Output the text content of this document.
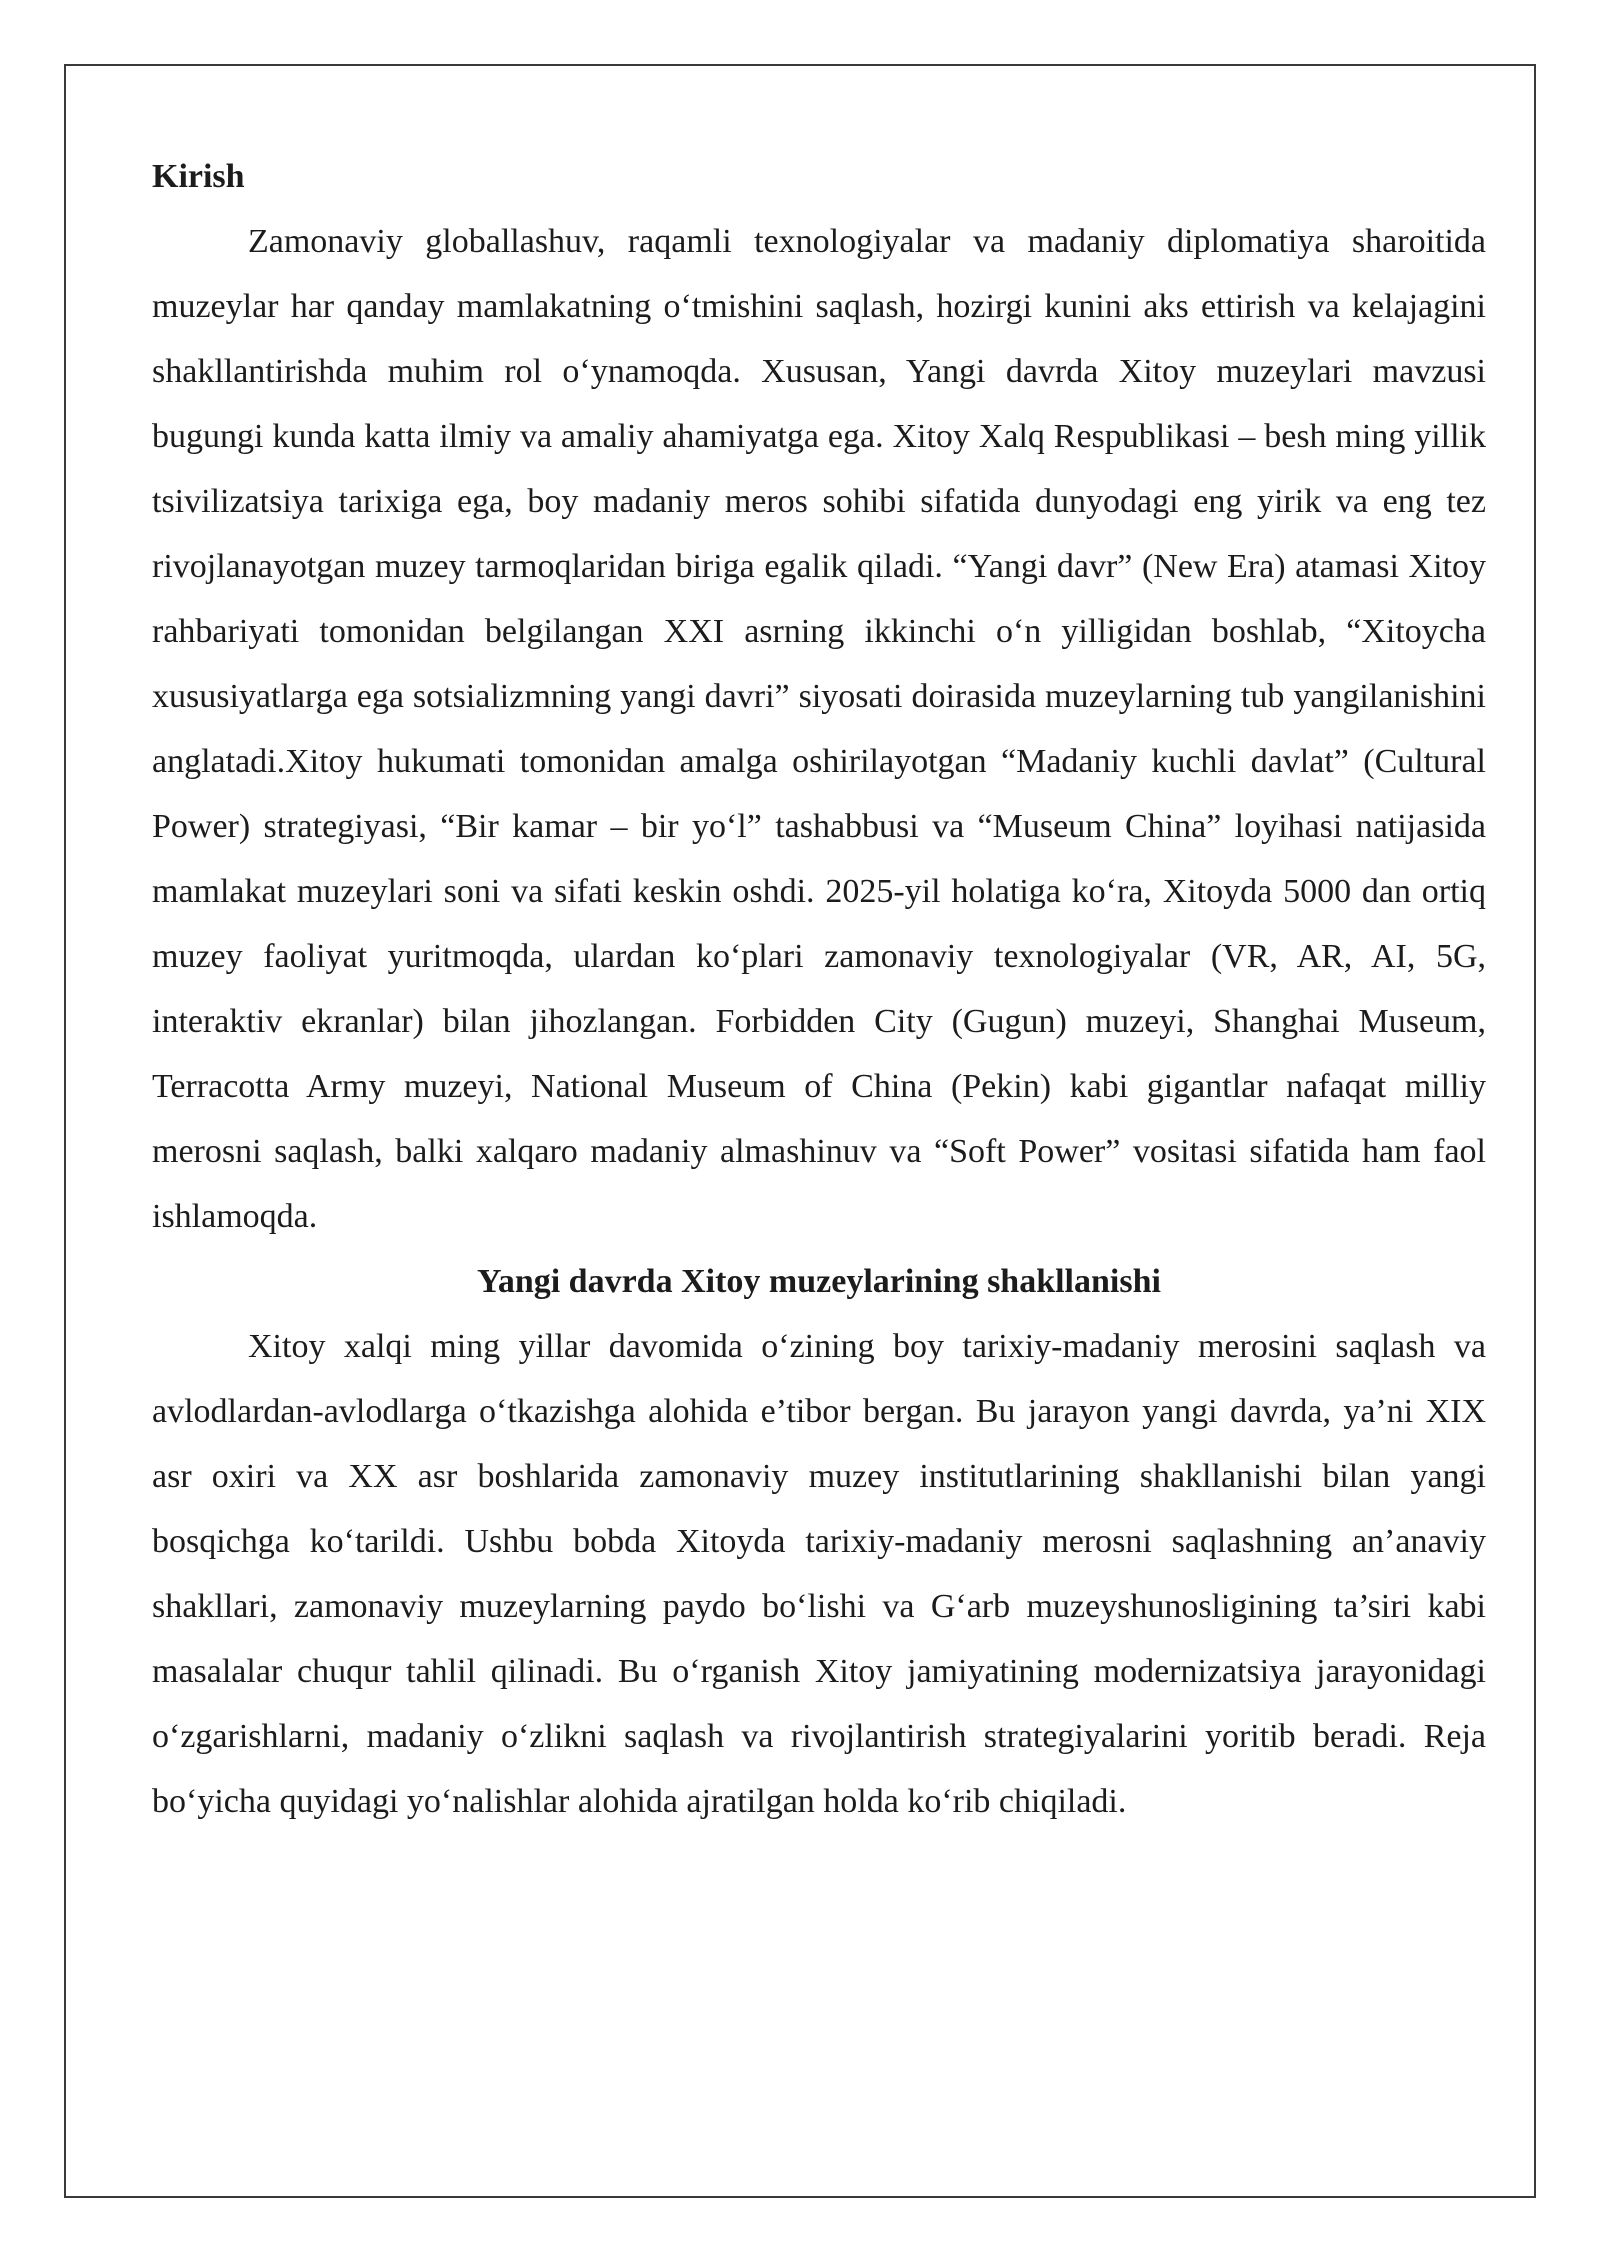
Kirish

Zamonaviy globallashuv, raqamli texnologiyalar va madaniy diplomatiya sharoitida muzeylar har qanday mamlakatning oʻtmishini saqlash, hozirgi kunini aks ettirish va kelajagini shakllantirishda muhim rol oʻynamoqda. Xususan, Yangi davrda Xitoy muzeylari mavzusi bugungi kunda katta ilmiy va amaliy ahamiyatga ega. Xitoy Xalq Respublikasi – besh ming yillik tsivilizatsiya tarixiga ega, boy madaniy meros sohibi sifatida dunyodagi eng yirik va eng tez rivojlanayotgan muzey tarmoqlaridan biriga egalik qiladi. “Yangi davr” (New Era) atamasi Xitoy rahbariyati tomonidan belgilangan XXI asrning ikkinchi oʻn yilligidan boshlab, “Xitoycha xususiyatlarga ega sotsializmning yangi davri” siyosati doirasida muzeylarning tub yangilanishini anglatadi.Xitoy hukumati tomonidan amalga oshirilayotgan “Madaniy kuchli davlat” (Cultural Power) strategiyasi, “Bir kamar – bir yoʻl” tashabbusi va “Museum China” loyihasi natijasida mamlakat muzeylari soni va sifati keskin oshdi. 2025-yil holatiga koʻra, Xitoyda 5000 dan ortiq muzey faoliyat yuritmoqda, ulardan koʻplari zamonaviy texnologiyalar (VR, AR, AI, 5G, interaktiv ekranlar) bilan jihozlangan. Forbidden City (Gugun) muzeyi, Shanghai Museum, Terracotta Army muzeyi, National Museum of China (Pekin) kabi gigantlar nafaqat milliy merosni saqlash, balki xalqaro madaniy almashinuv va “Soft Power” vositasi sifatida ham faol ishlamoqda.

Yangi davrda Xitoy muzeylarining shakllanishi

Xitoy xalqi ming yillar davomida oʻzining boy tarixiy-madaniy merosini saqlash va avlodlardan-avlodlarga oʻtkazishga alohida e’tibor bergan. Bu jarayon yangi davrda, ya’ni XIX asr oxiri va XX asr boshlarida zamonaviy muzey institutlarining shakllanishi bilan yangi bosqichga koʻtarildi. Ushbu bobda Xitoyda tarixiy-madaniy merosni saqlashning an’anaviy shakllari, zamonaviy muzeylarning paydo boʻlishi va Gʻarb muzeyshunosligining ta’siri kabi masalalar chuqur tahlil qilinadi. Bu oʻrganish Xitoy jamiyatining modernizatsiya jarayonidagi oʻzgarishlarni, madaniy oʻzlikni saqlash va rivojlantirish strategiyalarini yoritib beradi. Reja boʻyicha quyidagi yoʻnalishlar alohida ajratilgan holda koʻrib chiqiladi.
